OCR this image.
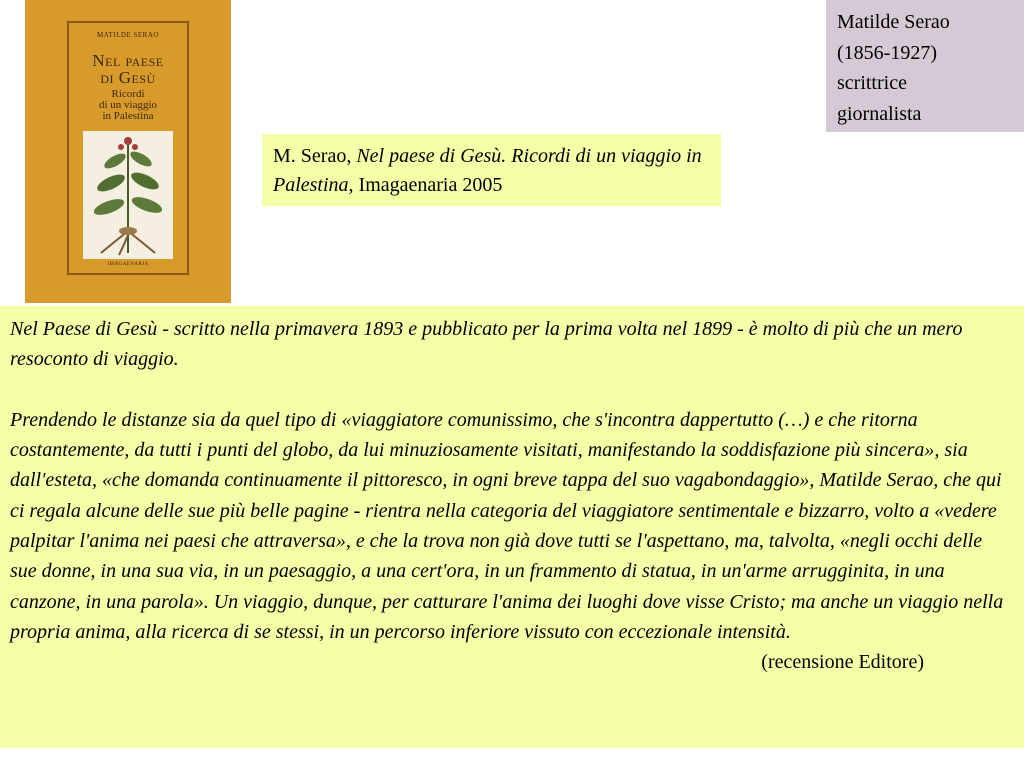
MATILDE SERAO
Nel paese
di Gesù
Ricordi
di un viaggio
in Palestina
IMAGAENARIA
Matilde Serao
(1856-1927)
scrittrice
giornalista
M. Serao, Nel paese di Gesù. Ricordi di un viaggio in Palestina, Imagaenaria 2005

Nel Paese di Gesù - scritto nella primavera 1893 e pubblicato per la prima volta nel 1899 - è molto di più che un mero resoconto di viaggio.

Prendendo le distanze sia da quel tipo di «viaggiatore comunissimo, che s'incontra dappertutto (…) e che ritorna costantemente, da tutti i punti del globo, da lui minuziosamente visitati, manifestando la soddisfazione più sincera», sia dall'esteta, «che domanda continuamente il pittoresco, in ogni breve tappa del suo vagabondaggio», Matilde Serao, che qui ci regala alcune delle sue più belle pagine - rientra nella categoria del viaggiatore sentimentale e bizzarro, volto a «vedere palpitar l'anima nei paesi che attraversa», e che la trova non già dove tutti se l'aspettano, ma, talvolta, «negli occhi delle sue donne, in una sua via, in un paesaggio, a una cert'ora, in un frammento di statua, in un'arme arrugginita, in una canzone, in una parola». Un viaggio, dunque, per catturare l'anima dei luoghi dove visse Cristo; ma anche un viaggio nella propria anima, alla ricerca di se stessi, in un percorso inferiore vissuto con eccezionale intensità.

(recensione Editore)
